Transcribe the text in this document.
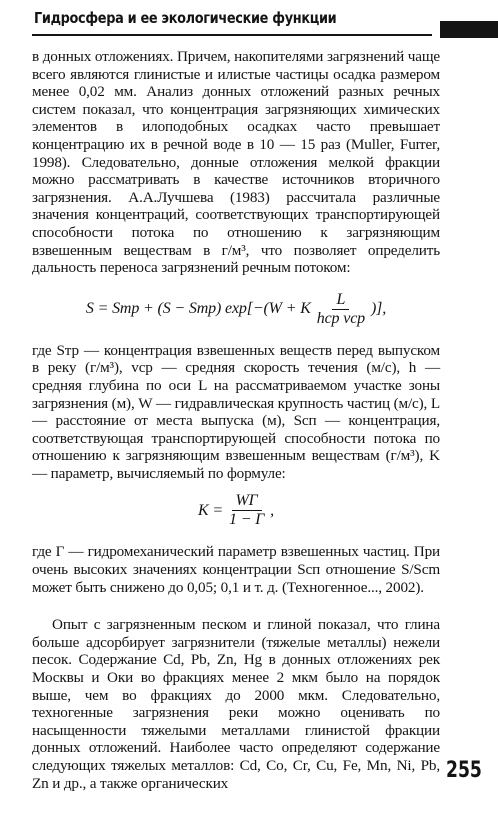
Гидросфера и ее экологические функции

в донных отложениях. Причем, накопителями загрязнений чаще всего являются глинистые и илистые частицы осадка размером менее 0,02 мм. Анализ донных отложений разных речных систем показал, что концентрация загрязняющих химических элементов в илоподобных осадках часто превышает концентрацию их в речной воде в 10 — 15 раз (Muller, Furrer, 1998). Следовательно, донные отложения мелкой фракции можно рассматривать в качестве источников вторичного загрязнения. А.А.Лучшева (1983) рассчитала различные значения концентраций, соответствующих транспортирующей способности потока по отношению к загрязняющим взвешенным веществам в г/м³, что позволяет определить дальность переноса загрязнений речным потоком:

S = Sтр + (S − Sтр) exp[−(W + K $\frac{L}{\text{hср vср}}$ )],

где Sтр — концентрация взвешенных веществ перед выпуском в реку (г/м³), vср — средняя скорость течения (м/с), h — средняя глубина по оси L на рассматриваемом участке зоны загрязнения (м), W — гидравлическая крупность частиц (м/с), L — расстояние от места выпуска (м), Sсп — концентрация, соответствующая транспортирующей способности потока по отношению к загрязняющим взвешенным веществам (г/м³), K — параметр, вычисляемый по формуле:

$K = \frac{WГ}{1 - Г}$ ,

где Г — гидромеханический параметр взвешенных частиц. При очень высоких значениях концентрации Sсп отношение S/Sсm может быть снижено до 0,05; 0,1 и т. д. (Техногенное..., 2002).

Опыт с загрязненным песком и глиной показал, что глина больше адсорбирует загрязнители (тяжелые металлы) нежели песок. Содержание Cd, Pb, Zn, Hg в донных отложениях рек Москвы и Оки во фракциях менее 2 мкм было на порядок выше, чем во фракциях до 2000 мкм. Следовательно, техногенные загрязнения реки можно оценивать по насыщенности тяжелыми металлами глинистой фракции донных отложений. Наиболее часто определяют содержание следующих тяжелых металлов: Cd, Co, Cr, Cu, Fe, Mn, Ni, Pb, Zn и др., а также органических

255
